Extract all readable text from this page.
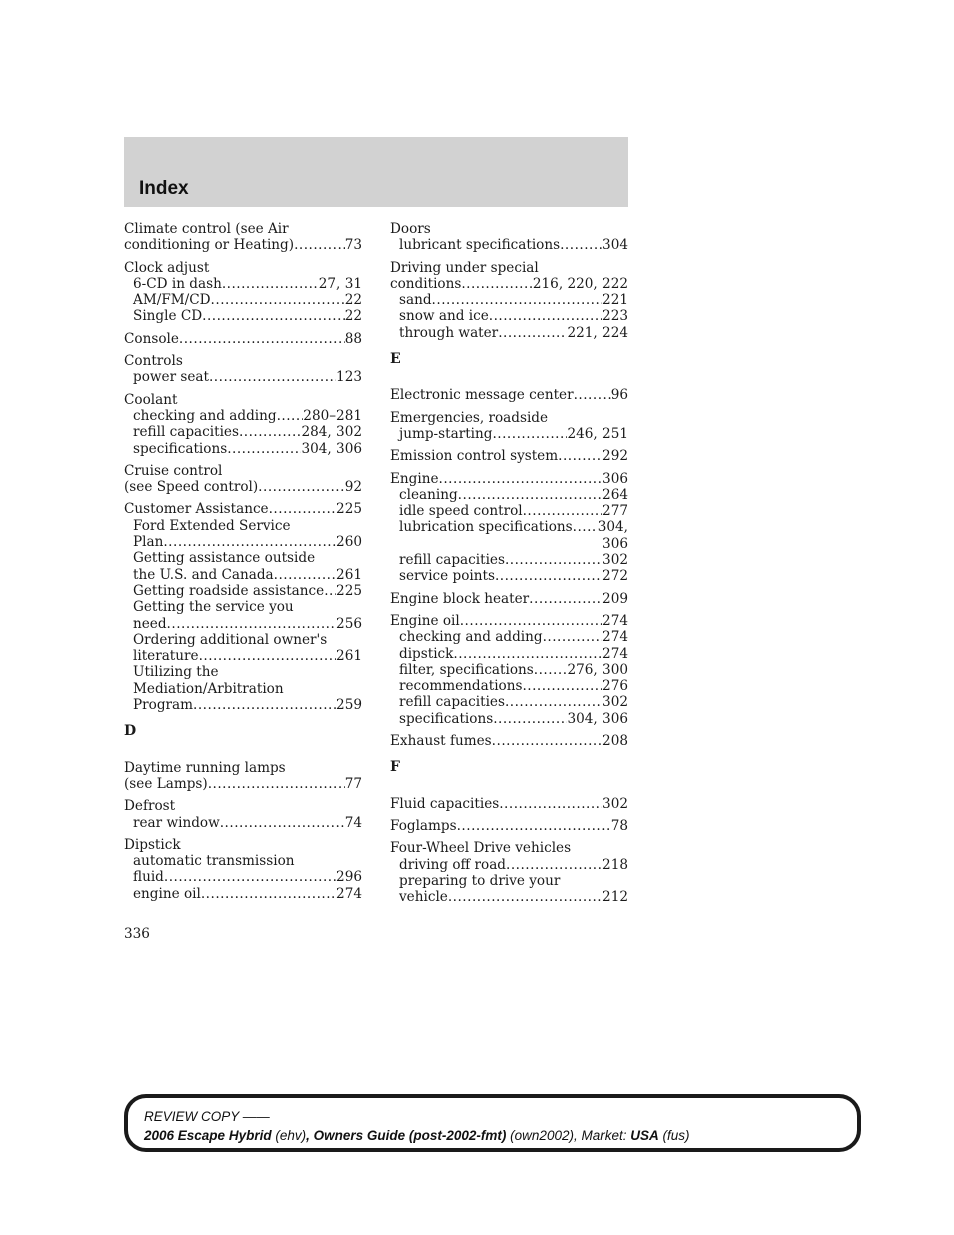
Index
Climate control (see Air
conditioning or Heating) .....	73
Clock adjust
6-CD in dash .....	27, 31
AM/FM/CD .....	22
Single CD .....	22
Console .....	88
Controls
power seat .....	123
Coolant
checking and adding ..... 280–281
refill capacities .....	284, 302
specifications .....	304, 306
Cruise control
(see Speed control) .....	92
Customer Assistance .....	225
Ford Extended Service
Plan .....	260
Getting assistance outside
the U.S. and Canada .....	261
Getting roadside assistance ..... 225
Getting the service you
need .....	256
Ordering additional owner's
literature .....	261
Utilizing the
Mediation/Arbitration
Program .....	259
D
Daytime running lamps
(see Lamps) .....	77
Defrost
rear window .....	74
Dipstick
automatic transmission
fluid .....	296
engine oil .....	274
Doors
lubricant specifications .....	304
Driving under special
conditions .....	216, 220, 222
sand .....	221
snow and ice .....	223
through water .....	221, 224
E
Electronic message center .....	96
Emergencies, roadside
jump-starting .....	246, 251
Emission control system .....	292
Engine .....	306
cleaning .....	264
idle speed control .....	277
lubrication specifications ..... 304,
306
refill capacities .....	302
service points .....	272
Engine block heater .....	209
Engine oil .....	274
checking and adding .....	274
dipstick .....	274
filter, specifications ..... 276, 300
recommendations .....	276
refill capacities .....	302
specifications .....	304, 306
Exhaust fumes .....	208
F
Fluid capacities .....	302
Foglamps .....	78
Four-Wheel Drive vehicles
driving off road .....	218
preparing to drive your
vehicle .....	212
336
REVIEW COPY ——
2006 Escape Hybrid (ehv), Owners Guide (post-2002-fmt) (own2002), Market: USA (fus)
